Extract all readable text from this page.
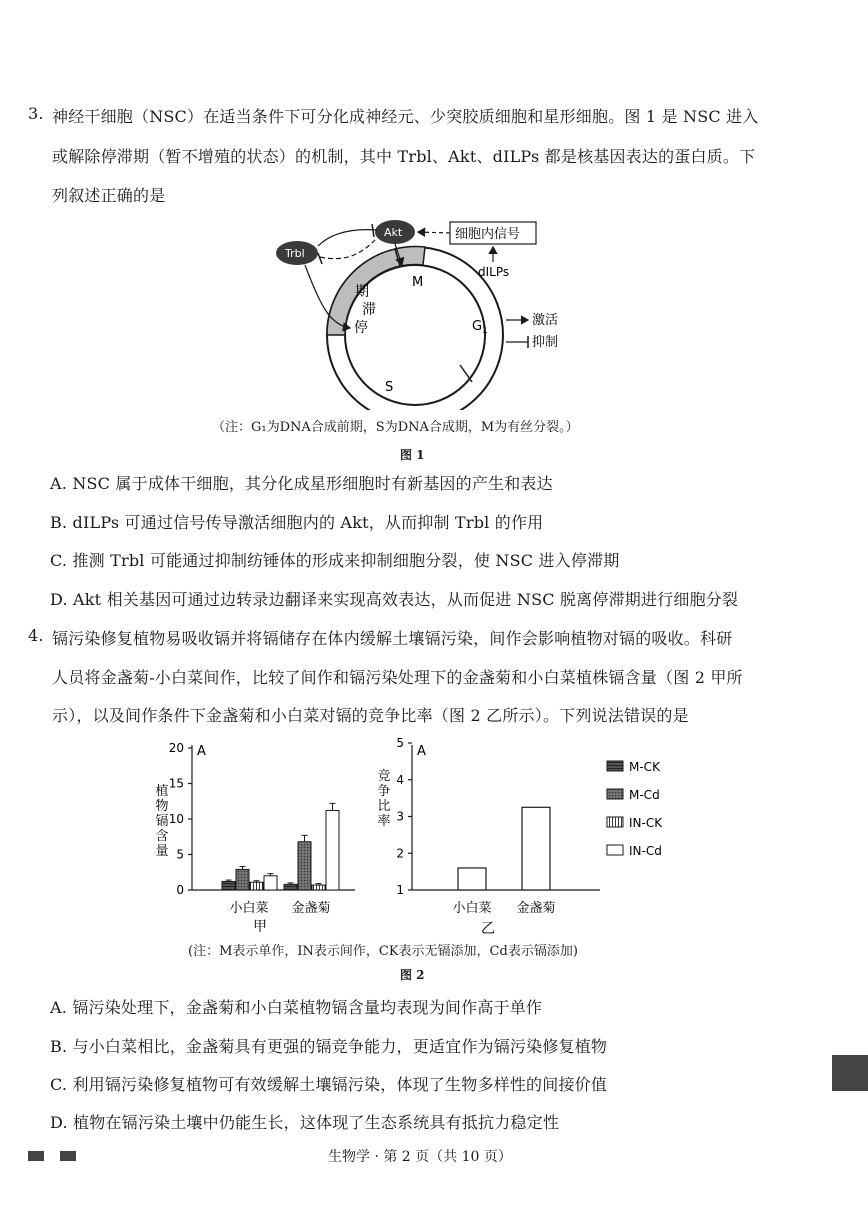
3. 神经干细胞（NSC）在适当条件下可分化成神经元、少突胶质细胞和星形细胞。图 1 是 NSC 进入
或解除停滞期（暂不增殖的状态）的机制，其中 Trbl、Akt、dILPs 都是核基因表达的蛋白质。下
列叙述正确的是
M
期
滞
停	$G_1$
S
Trbl
Akt	细胞内信号
dILPs
激活
抑制
（注：G₁为DNA合成前期，S为DNA合成期，M为有丝分裂。）
图 1
A. NSC 属于成体干细胞，其分化成星形细胞时有新基因的产生和表达
B. dILPs 可通过信号传导激活细胞内的 Akt，从而抑制 Trbl 的作用
C. 推测 Trbl 可能通过抑制纺锤体的形成来抑制细胞分裂，使 NSC 进入停滞期
D. Akt 相关基因可通过边转录边翻译来实现高效表达，从而促进 NSC 脱离停滞期进行细胞分裂
4. 镉污染修复植物易吸收镉并将镉储存在体内缓解土壤镉污染，间作会影响植物对镉的吸收。科研
人员将金盏菊-小白菜间作，比较了间作和镉污染处理下的金盏菊和小白菜植株镉含量（图 2 甲所
示），以及间作条件下金盏菊和小白菜对镉的竞争比率（图 2 乙所示）。下列说法错误的是
A
植
物
镉
含
量
0
5
10
15
20
小白菜 金盏菊
甲
A
竞
争
比
率
1
2
3
4
5
小白菜 金盏菊
乙
M-CK
M-Cd
IN-CK
IN-Cd
(注：M表示单作，IN表示间作，CK表示无镉添加，Cd表示镉添加)
图 2
A. 镉污染处理下，金盏菊和小白菜植物镉含量均表现为间作高于单作
B. 与小白菜相比，金盏菊具有更强的镉竞争能力，更适宜作为镉污染修复植物
C. 利用镉污染修复植物可有效缓解土壤镉污染，体现了生物多样性的间接价值
D. 植物在镉污染土壤中仍能生长，这体现了生态系统具有抵抗力稳定性
生物学 · 第 2 页（共 10 页）
